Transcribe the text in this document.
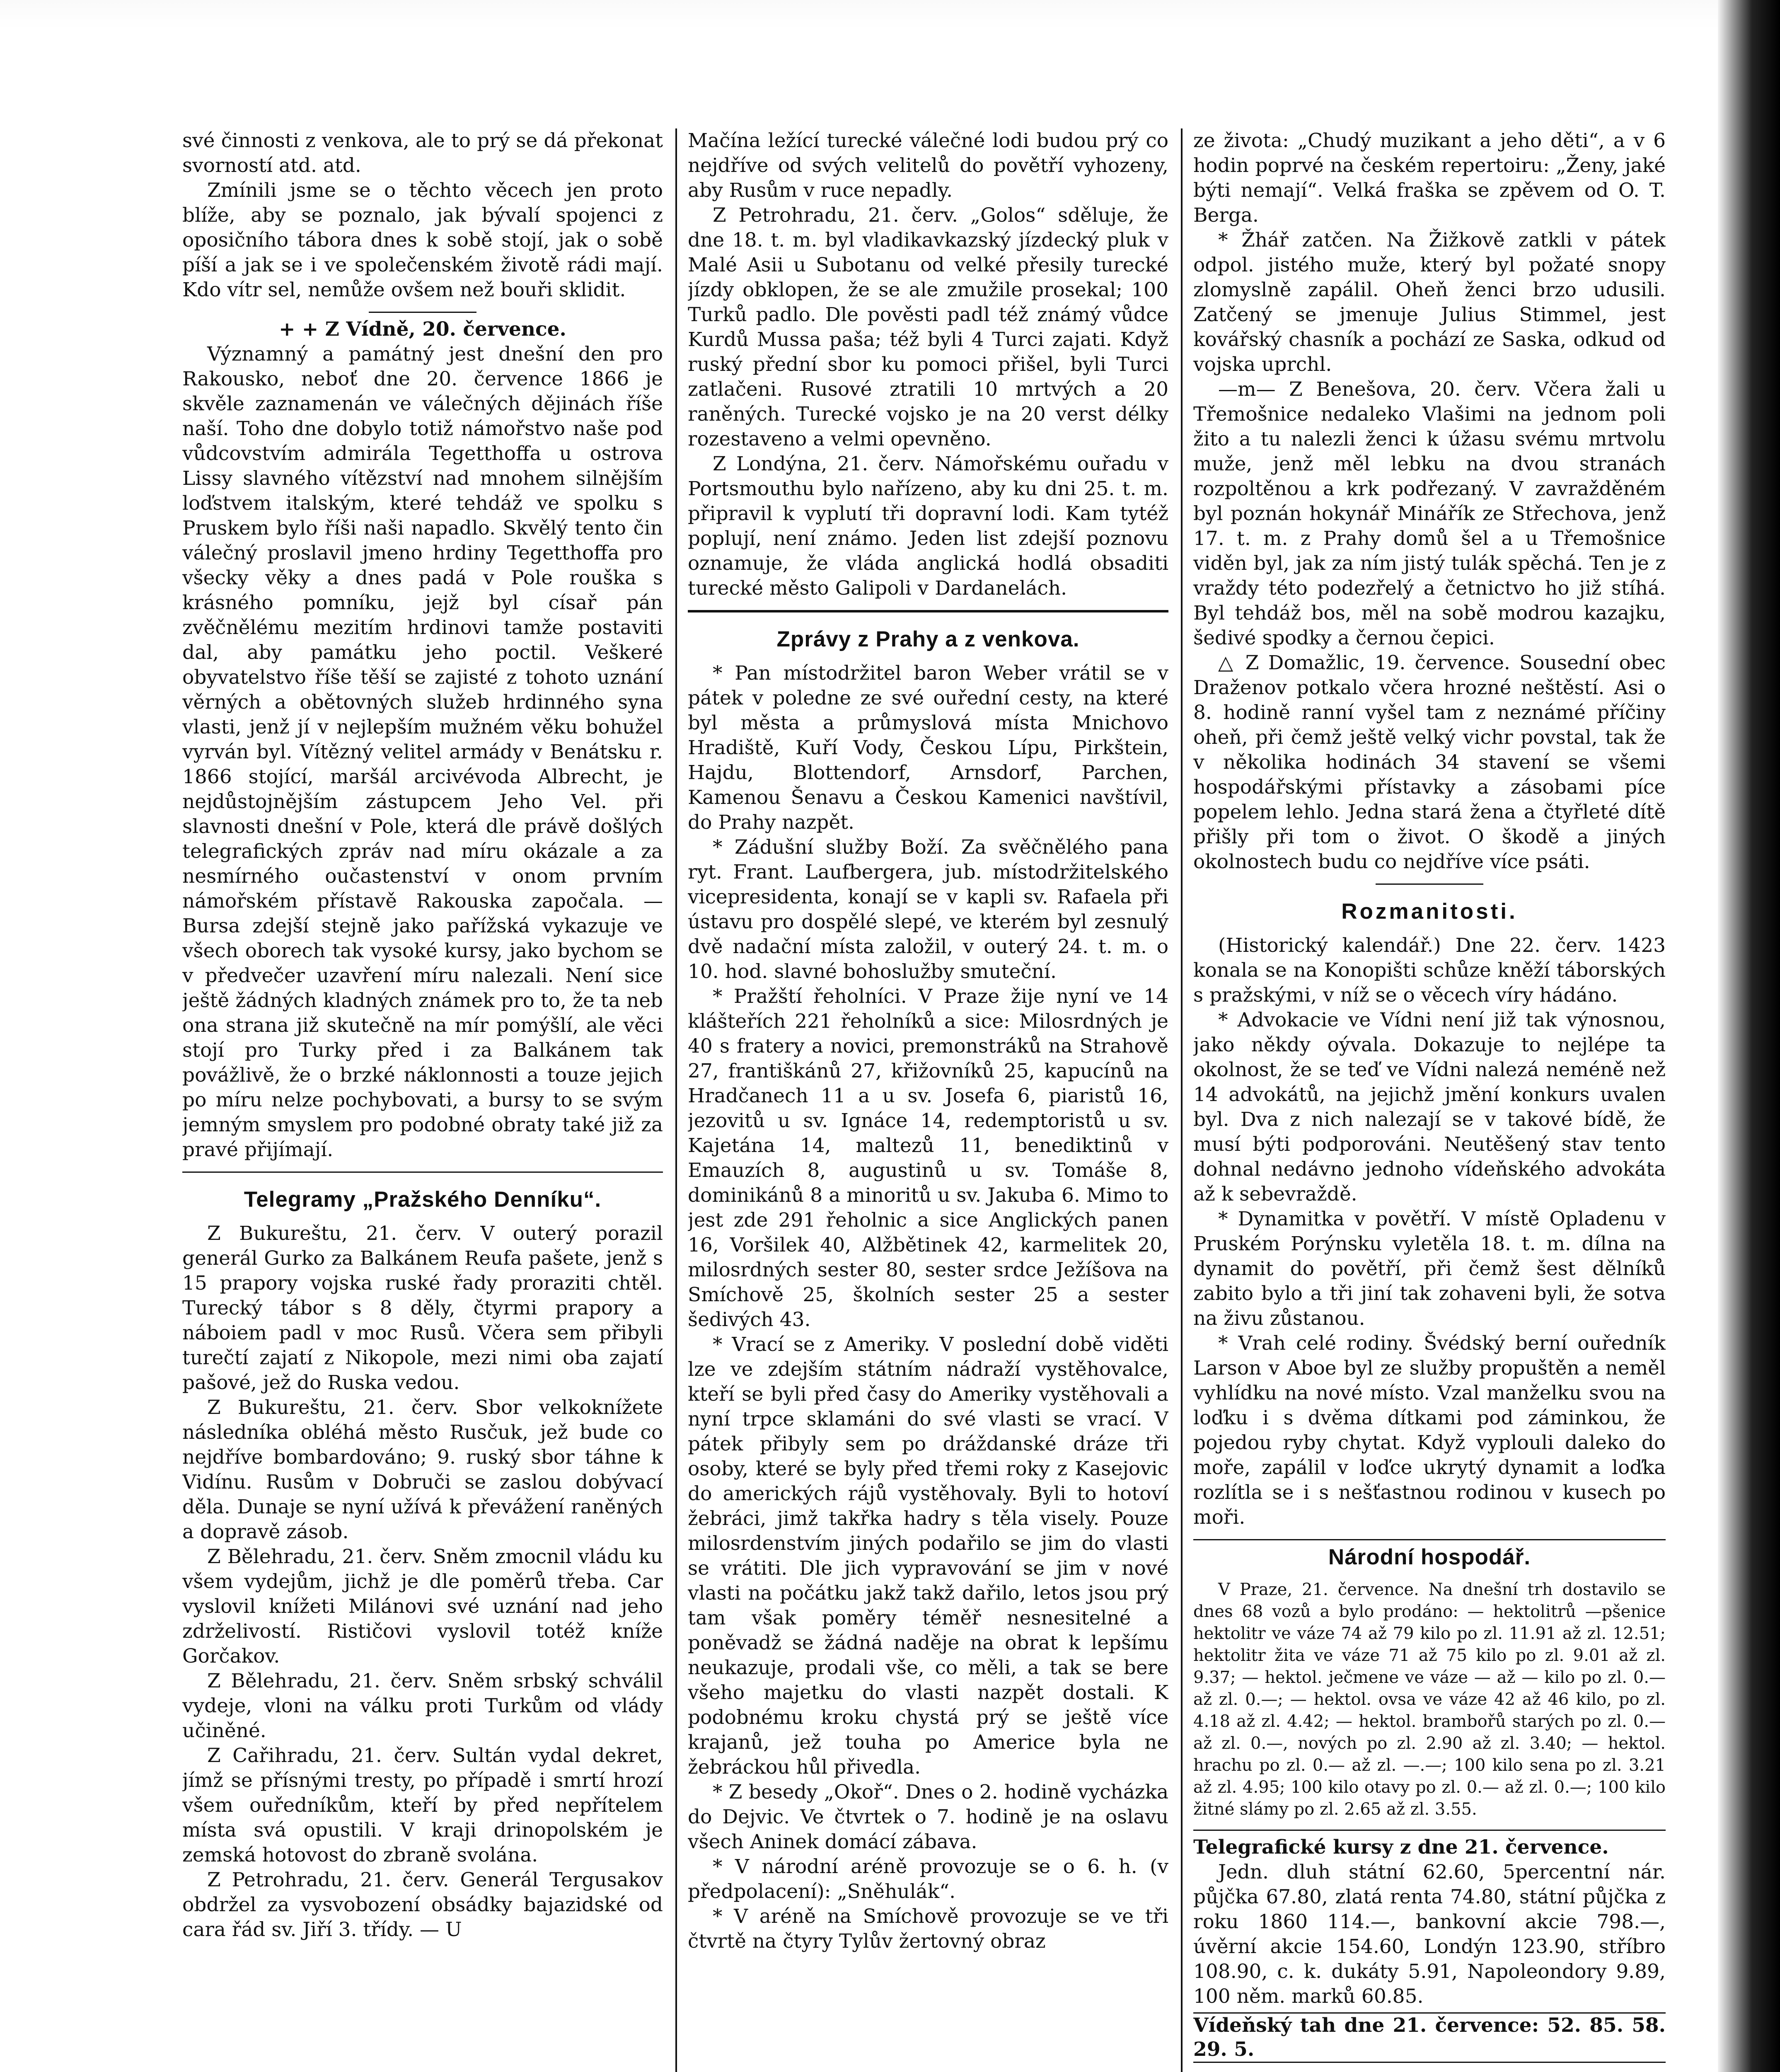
své činnosti z venkova, ale to prý se dá překonat svorností atd. atd.

Zmínili jsme se o těchto věcech jen proto blíže, aby se poznalo, jak bývalí spojenci z oposičního tábora dnes k sobě stojí, jak o sobě píší a jak se i ve společenském životě rádi mají. Kdo vítr sel, nemůže ovšem než bouři sklidit.

+ + Z Vídně, 20. července.

Významný a památný jest dnešní den pro Rakousko, neboť dne 20. července 1866 je skvěle zaznamenán ve válečných dějinách říše naší. Toho dne dobylo totiž námořstvo naše pod vůdcovstvím admirála Tegetthoffa u ostrova Lissy slavného vítězství nad mnohem silnějším loďstvem italským, které tehdáž ve spolku s Pruskem bylo říši naši napadlo. Skvělý tento čin válečný proslavil jmeno hrdiny Tegetthoffa pro všecky věky a dnes padá v Pole rouška s krásného pomníku, jejž byl císař pán zvěčnělému mezitím hrdinovi tamže postaviti dal, aby památku jeho poctil. Veškeré obyvatelstvo říše těší se zajisté z tohoto uznání věrných a obětovných služeb hrdinného syna vlasti, jenž jí v nejlepším mužném věku bohužel vyrván byl. Vítězný velitel armády v Benátsku r. 1866 stojící, maršál arcivévoda Albrecht, je nejdůstojnějším zástupcem Jeho Vel. při slavnosti dnešní v Pole, která dle právě došlých telegrafických zpráv nad míru okázale a za nesmírného oučastenství v onom prvním námořském přístavě Rakouska započala. — Bursa zdejší stejně jako pařížská vykazuje ve všech oborech tak vysoké kursy, jako bychom se v předvečer uzavření míru nalezali. Není sice ještě žádných kladných známek pro to, že ta neb ona strana již skutečně na mír pomýšlí, ale věci stojí pro Turky před i za Balkánem tak povážlivě, že o brzké náklonnosti a touze jejich po míru nelze pochybovati, a bursy to se svým jemným smyslem pro podobné obraty také již za pravé přijímají.

Telegramy „Pražského Denníku“.

Z Bukureštu, 21. červ. V outerý porazil generál Gurko za Balkánem Reufa pašete, jenž s 15 prapory vojska ruské řady proraziti chtěl. Turecký tábor s 8 děly, čtyrmi prapory a náboiem padl v moc Rusů. Včera sem přibyli turečtí zajatí z Nikopole, mezi nimi oba zajatí pašové, jež do Ruska vedou.

Z Bukureštu, 21. červ. Sbor velkoknížete následníka obléhá město Rusčuk, jež bude co nejdříve bombardováno; 9. ruský sbor táhne k Vidínu. Rusům v Dobruči se zaslou dobývací děla. Dunaje se nyní užívá k převážení raněných a dopravě zásob.

Z Bělehradu, 21. červ. Sněm zmocnil vládu ku všem vydejům, jichž je dle poměrů třeba. Car vyslovil knížeti Milánovi své uznání nad jeho zdrželivostí. Rističovi vyslovil totéž kníže Gorčakov.

Z Bělehradu, 21. červ. Sněm srbský schválil vydeje, vloni na válku proti Turkům od vlády učiněné.

Z Cařihradu, 21. červ. Sultán vydal dekret, jímž se přísnými tresty, po případě i smrtí hrozí všem ouředníkům, kteří by před nepřítelem místa svá opustili. V kraji drinopolském je zemská hotovost do zbraně svolána.

Z Petrohradu, 21. červ. Generál Tergusakov obdržel za vysvobození obsádky bajazidské od cara řád sv. Jiří 3. třídy. — U

Mačína ležící turecké válečné lodi budou prý co nejdříve od svých velitelů do povětří vyhozeny, aby Rusům v ruce nepadly.

Z Petrohradu, 21. červ. „Golos“ sděluje, že dne 18. t. m. byl vladikavkazský jízdecký pluk v Malé Asii u Subotanu od velké přesily turecké jízdy obklopen, že se ale zmužile prosekal; 100 Turků padlo. Dle pověsti padl též známý vůdce Kurdů Mussa paša; též byli 4 Turci zajati. Když ruský přední sbor ku pomoci přišel, byli Turci zatlačeni. Rusové ztratili 10 mrtvých a 20 raněných. Turecké vojsko je na 20 verst délky rozestaveno a velmi opevněno.

Z Londýna, 21. červ. Námořskému ouřadu v Portsmouthu bylo nařízeno, aby ku dni 25. t. m. připravil k vyplutí tři dopravní lodi. Kam tytéž poplují, není známo. Jeden list zdejší poznovu oznamuje, že vláda anglická hodlá obsaditi turecké město Galipoli v Dardanelách.

Zprávy z Prahy a z venkova.

* Pan místodržitel baron Weber vrátil se v pátek v poledne ze své ouřední cesty, na které byl města a průmyslová místa Mnichovo Hradiště, Kuří Vody, Českou Lípu, Pirkštein, Hajdu, Blottendorf, Arnsdorf, Parchen, Kamenou Šenavu a Českou Kamenici navštívil, do Prahy nazpět.

* Zádušní služby Boží. Za svěčnělého pana ryt. Frant. Laufbergera, jub. místodržitelského vicepresidenta, konají se v kapli sv. Rafaela při ústavu pro dospělé slepé, ve kterém byl zesnulý dvě nadační místa založil, v outerý 24. t. m. o 10. hod. slavné bohoslužby smuteční.

* Pražští řeholníci. V Praze žije nyní ve 14 klášteřích 221 řeholníků a sice: Milosrdných je 40 s fratery a novici, premonstráků na Strahově 27, františkánů 27, křižovníků 25, kapucínů na Hradčanech 11 a u sv. Josefa 6, piaristů 16, jezovitů u sv. Ignáce 14, redemptoristů u sv. Kajetána 14, maltezů 11, benediktinů v Emauzích 8, augustinů u sv. Tomáše 8, dominikánů 8 a minoritů u sv. Jakuba 6. Mimo to jest zde 291 řeholnic a sice Anglických panen 16, Voršilek 40, Alžbětinek 42, karmelitek 20, milosrdných sester 80, sester srdce Ježíšova na Smíchově 25, školních sester 25 a sester šedivých 43.

* Vrací se z Ameriky. V poslední době viděti lze ve zdejším státním nádraží vystěhovalce, kteří se byli před časy do Ameriky vystěhovali a nyní trpce sklamáni do své vlasti se vrací. V pátek přibyly sem po dráždanské dráze tři osoby, které se byly před třemi roky z Kasejovic do amerických rájů vystěhovaly. Byli to hotoví žebráci, jimž takřka hadry s těla visely. Pouze milosrdenstvím jiných podařilo se jim do vlasti se vrátiti. Dle jich vypravování se jim v nové vlasti na počátku jakž takž dařilo, letos jsou prý tam však poměry téměř nesnesitelné a poněvadž se žádná naděje na obrat k lepšímu neukazuje, prodali vše, co měli, a tak se bere všeho majetku do vlasti nazpět dostali. K podobnému kroku chystá prý se ještě více krajanů, jež touha po Americe byla ne žebráckou hůl přivedla.

* Z besedy „Okoř“. Dnes o 2. hodině vycházka do Dejvic. Ve čtvrtek o 7. hodině je na oslavu všech Aninek domácí zábava.

* V národní aréně provozuje se o 6. h. (v předpolacení): „Sněhulák“.

* V aréně na Smíchově provozuje se ve tři čtvrtě na čtyry Tylův žertovný obraz

ze života: „Chudý muzikant a jeho děti“, a v 6 hodin poprvé na českém repertoiru: „Ženy, jaké býti nemají“. Velká fraška se zpěvem od O. T. Berga.

* Žhář zatčen. Na Žižkově zatkli v pátek odpol. jistého muže, který byl požaté snopy zlomyslně zapálil. Oheň ženci brzo udusili. Zatčený se jmenuje Julius Stimmel, jest kovářský chasník a pochází ze Saska, odkud od vojska uprchl.

—m— Z Benešova, 20. červ. Včera žali u Třemošnice nedaleko Vlašimi na jednom poli žito a tu nalezli ženci k úžasu svému mrtvolu muže, jenž měl lebku na dvou stranách rozpoltěnou a krk podřezaný. V zavražděném byl poznán hokynář Minářík ze Střechova, jenž 17. t. m. z Prahy domů šel a u Třemošnice viděn byl, jak za ním jistý tulák spěchá. Ten je z vraždy této podezřelý a četnictvo ho již stíhá. Byl tehdáž bos, měl na sobě modrou kazajku, šedivé spodky a černou čepici.

△ Z Domažlic, 19. července. Sousední obec Draženov potkalo včera hrozné neštěstí. Asi o 8. hodině ranní vyšel tam z neznámé příčiny oheň, při čemž ještě velký vichr povstal, tak že v několika hodinách 34 stavení se všemi hospodářskými přístavky a zásobami píce popelem lehlo. Jedna stará žena a čtyřleté dítě přišly při tom o život. O škodě a jiných okolnostech budu co nejdříve více psáti.

Rozmanitosti.

(Historický kalendář.) Dne 22. červ. 1423 konala se na Konopišti schůze kněží táborských s pražskými, v níž se o věcech víry hádáno.

* Advokacie ve Vídni není již tak výnosnou, jako někdy oývala. Dokazuje to nejlépe ta okolnost, že se teď ve Vídni nalezá neméně než 14 advokátů, na jejichž jmění konkurs uvalen byl. Dva z nich nalezají se v takové bídě, že musí býti podporováni. Neutěšený stav tento dohnal nedávno jednoho vídeňského advokáta až k sebevraždě.

* Dynamitka v povětří. V místě Opladenu v Pruském Porýnsku vyletěla 18. t. m. dílna na dynamit do povětří, při čemž šest dělníků zabito bylo a tři jiní tak zohaveni byli, že sotva na živu zůstanou.

* Vrah celé rodiny. Švédský berní ouředník Larson v Aboe byl ze služby propuštěn a neměl vyhlídku na nové místo. Vzal manželku svou na loďku i s dvěma dítkami pod záminkou, že pojedou ryby chytat. Když vyplouli daleko do moře, zapálil v loďce ukrytý dynamit a loďka rozlítla se i s nešťastnou rodinou v kusech po moři.

Národní hospodář.

V Praze, 21. července. Na dnešní trh dostavilo se dnes 68 vozů a bylo prodáno: — hektolitrů —pšenice hektolitr ve váze 74 až 79 kilo po zl. 11.91 až zl. 12.51; hektolitr žita ve váze 71 až 75 kilo po zl. 9.01 až zl. 9.37; — hektol. ječmene ve váze — až — kilo po zl. 0.— až zl. 0.—; — hektol. ovsa ve váze 42 až 46 kilo, po zl. 4.18 až zl. 4.42; — hektol. brambořů starých po zl. 0.— až zl. 0.—, nových po zl. 2.90 až zl. 3.40; — hektol. hrachu po zl. 0.— až zl. —.—; 100 kilo sena po zl. 3.21 až zl. 4.95; 100 kilo otavy po zl. 0.— až zl. 0.—; 100 kilo žitné slámy po zl. 2.65 až zl. 3.55.

Telegrafické kursy z dne 21. července.

Jedn. dluh státní 62.60, 5percentní nár. půjčka 67.80, zlatá renta 74.80, státní půjčka z roku 1860 114.—, bankovní akcie 798.—, úvěrní akcie 154.60, Londýn 123.90, stříbro 108.90, c. k. dukáty 5.91, Napoleondory 9.89, 100 něm. marků 60.85.

Vídeňský tah dne 21. července: 52. 85. 58. 29. 5.
